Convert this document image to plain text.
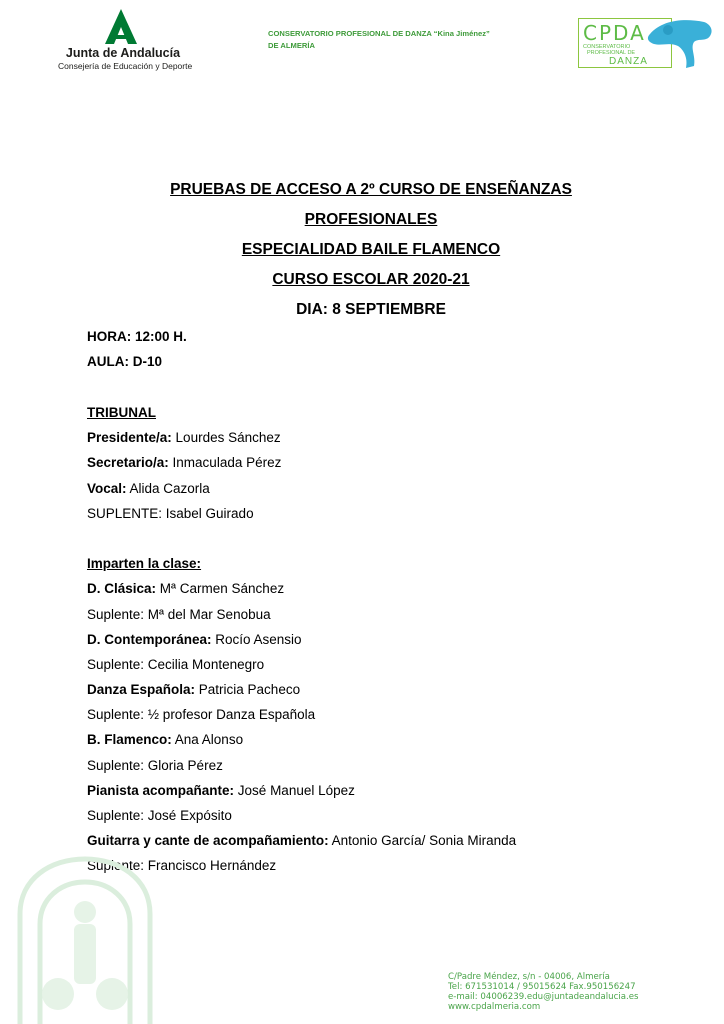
Junta de Andalucía
Consejería de Educación y Deporte
CONSERVATORIO PROFESIONAL DE DANZA “Kina Jiménez”
DE ALMERÍA
CPDA
CONSERVATORIO
PROFESIONAL DE
DANZA
PRUEBAS DE ACCESO A 2º CURSO DE ENSEÑANZAS
PROFESIONALES
ESPECIALIDAD BAILE FLAMENCO
CURSO ESCOLAR 2020-21
DIA: 8 SEPTIEMBRE
HORA: 12:00 H.
AULA: D-10
TRIBUNAL
Presidente/a: Lourdes Sánchez
Secretario/a: Inmaculada Pérez
Vocal: Alida Cazorla
SUPLENTE: Isabel Guirado
Imparten la clase:
D. Clásica: Mª Carmen Sánchez
Suplente: Mª del Mar Senobua
D. Contemporánea: Rocío Asensio
Suplente: Cecilia Montenegro
Danza Española: Patricia Pacheco
Suplente: ½ profesor Danza Española
B. Flamenco: Ana Alonso
Suplente: Gloria Pérez
Pianista acompañante: José Manuel López
Suplente: José Expósito
Guitarra y cante de acompañamiento: Antonio García/ Sonia Miranda
Suplente: Francisco Hernández
C/Padre Méndez, s/n - 04006, Almería
Tel: 671531014 / 95015624 Fax.950156247
e-mail: 04006239.edu@juntadeandalucia.es
www.cpdalmeria.com
